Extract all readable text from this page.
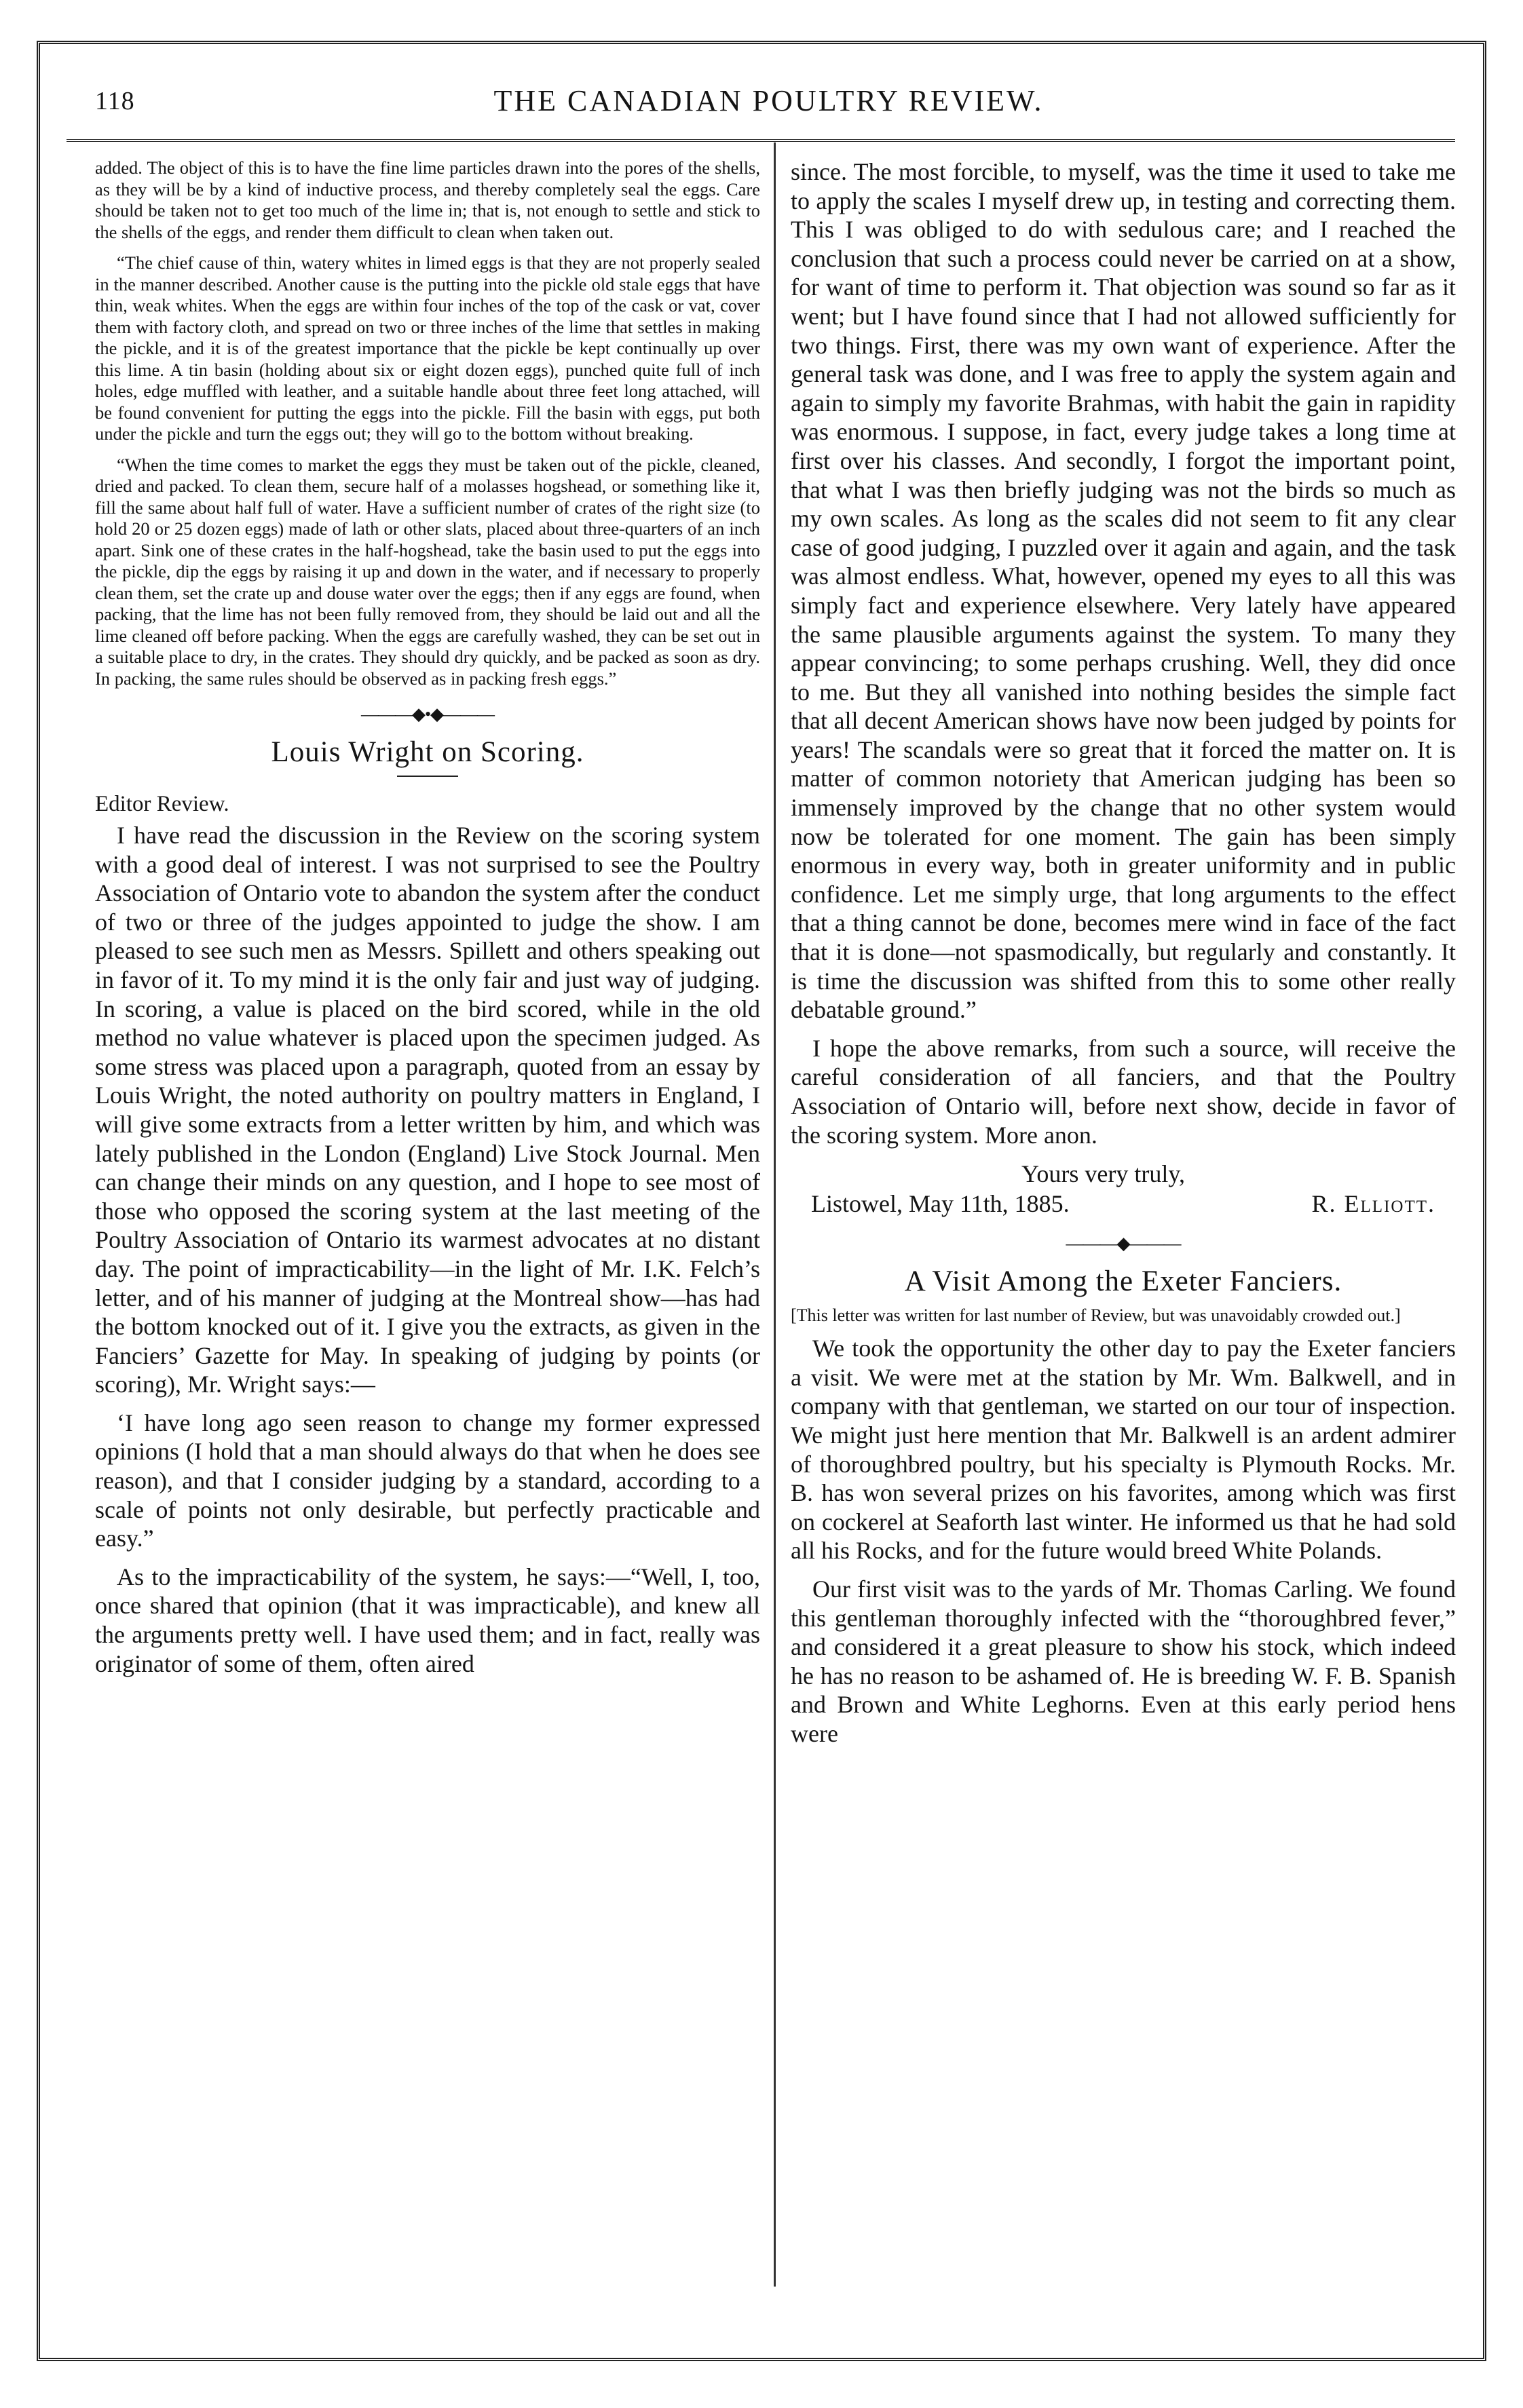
118	THE CANADIAN POULTRY REVIEW.

added. The object of this is to have the fine lime particles drawn into the pores of the shells, as they will be by a kind of inductive process, and thereby completely seal the eggs. Care should be taken not to get too much of the lime in; that is, not enough to settle and stick to the shells of the eggs, and render them difficult to clean when taken out.

“The chief cause of thin, watery whites in limed eggs is that they are not properly sealed in the manner described. Another cause is the putting into the pickle old stale eggs that have thin, weak whites. When the eggs are within four inches of the top of the cask or vat, cover them with factory cloth, and spread on two or three inches of the lime that settles in making the pickle, and it is of the greatest importance that the pickle be kept continually up over this lime. A tin basin (holding about six or eight dozen eggs), punched quite full of inch holes, edge muffled with leather, and a suitable handle about three feet long attached, will be found convenient for putting the eggs into the pickle. Fill the basin with eggs, put both under the pickle and turn the eggs out; they will go to the bottom without breaking.

“When the time comes to market the eggs they must be taken out of the pickle, cleaned, dried and packed. To clean them, secure half of a molasses hogshead, or something like it, fill the same about half full of water. Have a sufficient number of crates of the right size (to hold 20 or 25 dozen eggs) made of lath or other slats, placed about three-quarters of an inch apart. Sink one of these crates in the half-hogshead, take the basin used to put the eggs into the pickle, dip the eggs by raising it up and down in the water, and if necessary to properly clean them, set the crate up and douse water over the eggs; then if any eggs are found, when packing, that the lime has not been fully removed from, they should be laid out and all the lime cleaned off before packing. When the eggs are carefully washed, they can be set out in a suitable place to dry, in the crates. They should dry quickly, and be packed as soon as dry. In packing, the same rules should be observed as in packing fresh eggs.”

———◆•◆———
Louis Wright on Scoring.
Editor Review.

I have read the discussion in the Review on the scoring system with a good deal of interest. I was not surprised to see the Poultry Association of Ontario vote to abandon the system after the conduct of two or three of the judges appointed to judge the show. I am pleased to see such men as Messrs. Spillett and others speaking out in favor of it. To my mind it is the only fair and just way of judging. In scoring, a value is placed on the bird scored, while in the old method no value whatever is placed upon the specimen judged. As some stress was placed upon a paragraph, quoted from an essay by Louis Wright, the noted authority on poultry matters in England, I will give some extracts from a letter written by him, and which was lately published in the London (England) Live Stock Journal. Men can change their minds on any question, and I hope to see most of those who opposed the scoring system at the last meeting of the Poultry Association of Ontario its warmest advocates at no distant day. The point of impracticability—in the light of Mr. I.K. Felch’s letter, and of his manner of judging at the Montreal show—has had the bottom knocked out of it. I give you the extracts, as given in the Fanciers’ Gazette for May. In speaking of judging by points (or scoring), Mr. Wright says:—

‘I have long ago seen reason to change my former expressed opinions (I hold that a man should always do that when he does see reason), and that I consider judging by a standard, according to a scale of points not only desirable, but perfectly practicable and easy.”

As to the impracticability of the system, he says:—“Well, I, too, once shared that opinion (that it was impracticable), and knew all the arguments pretty well. I have used them; and in fact, really was originator of some of them, often aired

since. The most forcible, to myself, was the time it used to take me to apply the scales I myself drew up, in testing and correcting them. This I was obliged to do with sedulous care; and I reached the conclusion that such a process could never be carried on at a show, for want of time to perform it. That objection was sound so far as it went; but I have found since that I had not allowed sufficiently for two things. First, there was my own want of experience. After the general task was done, and I was free to apply the system again and again to simply my favorite Brahmas, with habit the gain in rapidity was enormous. I suppose, in fact, every judge takes a long time at first over his classes. And secondly, I forgot the important point, that what I was then briefly judging was not the birds so much as my own scales. As long as the scales did not seem to fit any clear case of good judging, I puzzled over it again and again, and the task was almost endless. What, however, opened my eyes to all this was simply fact and experience elsewhere. Very lately have appeared the same plausible arguments against the system. To many they appear convincing; to some perhaps crushing. Well, they did once to me. But they all vanished into nothing besides the simple fact that all decent American shows have now been judged by points for years! The scandals were so great that it forced the matter on. It is matter of common notoriety that American judging has been so immensely improved by the change that no other system would now be tolerated for one moment. The gain has been simply enormous in every way, both in greater uniformity and in public confidence. Let me simply urge, that long arguments to the effect that a thing cannot be done, becomes mere wind in face of the fact that it is done—not spasmodically, but regularly and constantly. It is time the discussion was shifted from this to some other really debatable ground.”

I hope the above remarks, from such a source, will receive the careful consideration of all fanciers, and that the Poultry Association of Ontario will, before next show, decide in favor of the scoring system. More anon.

Yours very truly,
Listowel, May 11th, 1885.	R. Elliott.
———◆———
A Visit Among the Exeter Fanciers.
[This letter was written for last number of Review, but was unavoidably crowded out.]

We took the opportunity the other day to pay the Exeter fanciers a visit. We were met at the station by Mr. Wm. Balkwell, and in company with that gentleman, we started on our tour of inspection. We might just here mention that Mr. Balkwell is an ardent admirer of thoroughbred poultry, but his specialty is Plymouth Rocks. Mr. B. has won several prizes on his favorites, among which was first on cockerel at Seaforth last winter. He informed us that he had sold all his Rocks, and for the future would breed White Polands.

Our first visit was to the yards of Mr. Thomas Carling. We found this gentleman thoroughly infected with the “thoroughbred fever,” and considered it a great pleasure to show his stock, which indeed he has no reason to be ashamed of. He is breeding W. F. B. Spanish and Brown and White Leghorns. Even at this early period hens were
